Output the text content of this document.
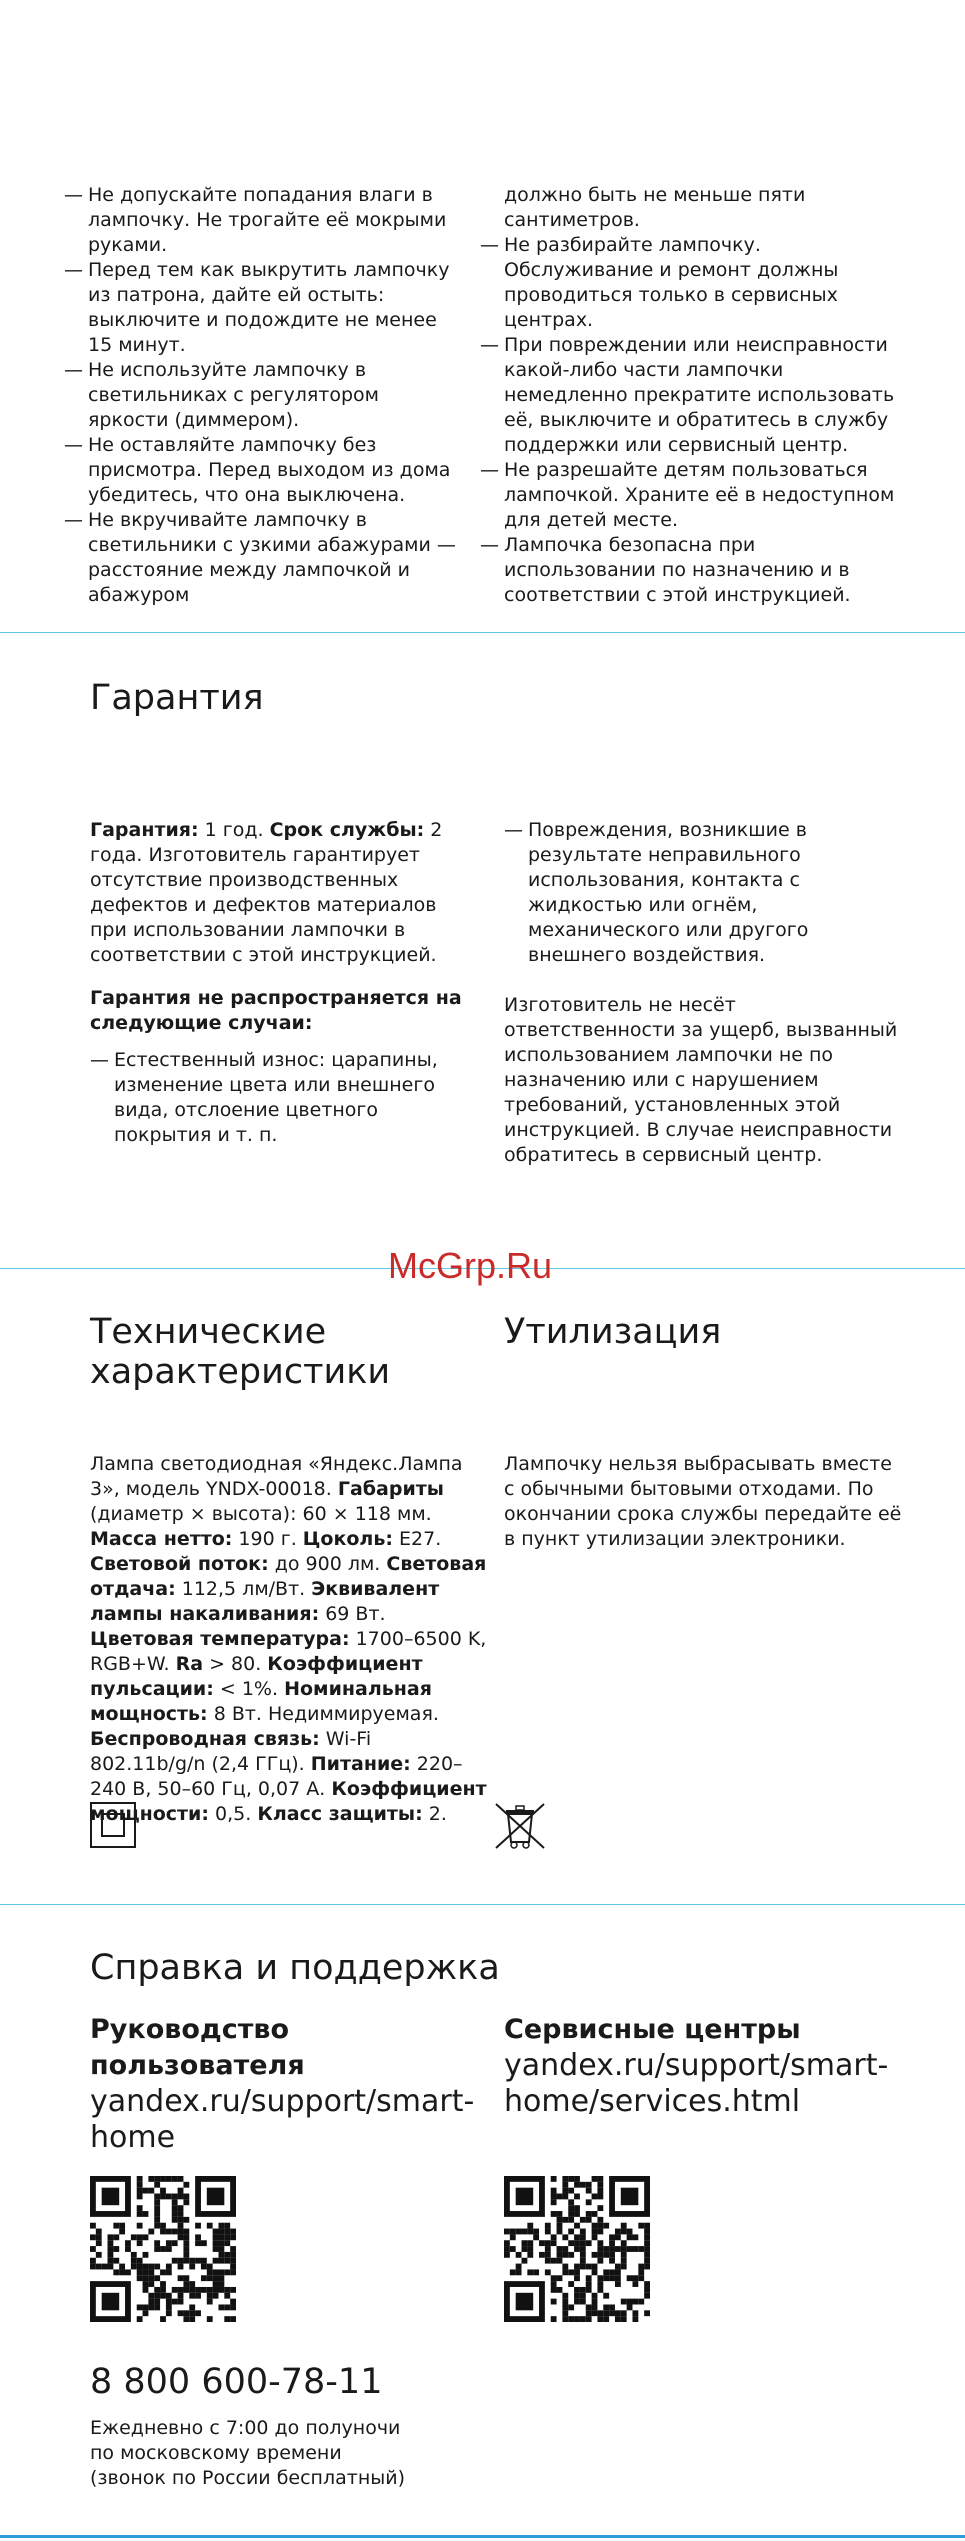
— Не допускайте попадания влаги в лампочку. Не трогайте её мокрыми руками.
— Перед тем как выкрутить лампочку из патрона, дайте ей остыть: выключите и подождите не менее 15 минут.
— Не используйте лампочку в светильниках с регулятором яркости (диммером).
— Не оставляйте лампочку без присмотра. Перед выходом из дома убедитесь, что она выключена.
— Не вкручивайте лампочку в светильники с узкими абажурами — расстояние между лампочкой и абажуром

должно быть не меньше пяти сантиметров.

— Не разбирайте лампочку. Обслуживание и ремонт должны проводиться только в сервисных центрах.
— При повреждении или неисправности какой-либо части лампочки немедленно прекратите использовать её, выключите и обратитесь в службу поддержки или сервисный центр.
— Не разрешайте детям пользоваться лампочкой. Храните её в недоступном для детей месте.
— Лампочка безопасна при использовании по назначению и в соответствии с этой инструкцией.
Гарантия

Гарантия: 1 год. Срок службы: 2 года. Изготовитель гарантирует отсутствие производственных дефектов и дефектов материалов при использовании лампочки в соответствии с этой инструкцией.

Гарантия не распространяется на следующие случаи:

— Естественный износ: царапины, изменение цвета или внешнего вида, отслоение цветного покрытия и т. п.
— Повреждения, возникшие в результате неправильного использования, контакта с жидкостью или огнём, механического или другого внешнего воздействия.

Изготовитель не несёт ответственности за ущерб, вызванный использованием лампочки не по назначению или с нарушением требований, установленных этой инструкцией. В случае неисправности обратитесь в сервисный центр.

McGrp.Ru
Технические характеристики
Утилизация
Лампа светодиодная «Яндекс.Лампа 3», модель YNDX-00018. Габариты (диаметр × высота): 60 × 118 мм. Масса нетто: 190 г. Цоколь: E27. Световой поток: до 900 лм. Световая отдача: 112,5 лм/Вт. Эквивалент лампы накаливания: 69 Вт. Цветовая температура: 1700–6500 K, RGB+W. Ra > 80. Коэффициент пульсации: < 1%. Номинальная мощность: 8 Вт. Недиммируемая. Беспроводная связь: Wi-Fi 802.11b/g/n (2,4 ГГц). Питание: 220–240 В, 50–60 Гц, 0,07 А. Коэффициент мощности: 0,5. Класс защиты: 2.

Лампочку нельзя выбрасывать вместе с обычными бытовыми отходами. По окончании срока службы передайте её в пункт утилизации электроники.

Справка и поддержка

Руководство пользователя

yandex.ru/support/smart-home

Сервисные центры

yandex.ru/support/smart-home/services.html

8 800 600-78-11

Ежедневно с 7:00 до полуночи по московскому времени (звонок по России бесплатный)
